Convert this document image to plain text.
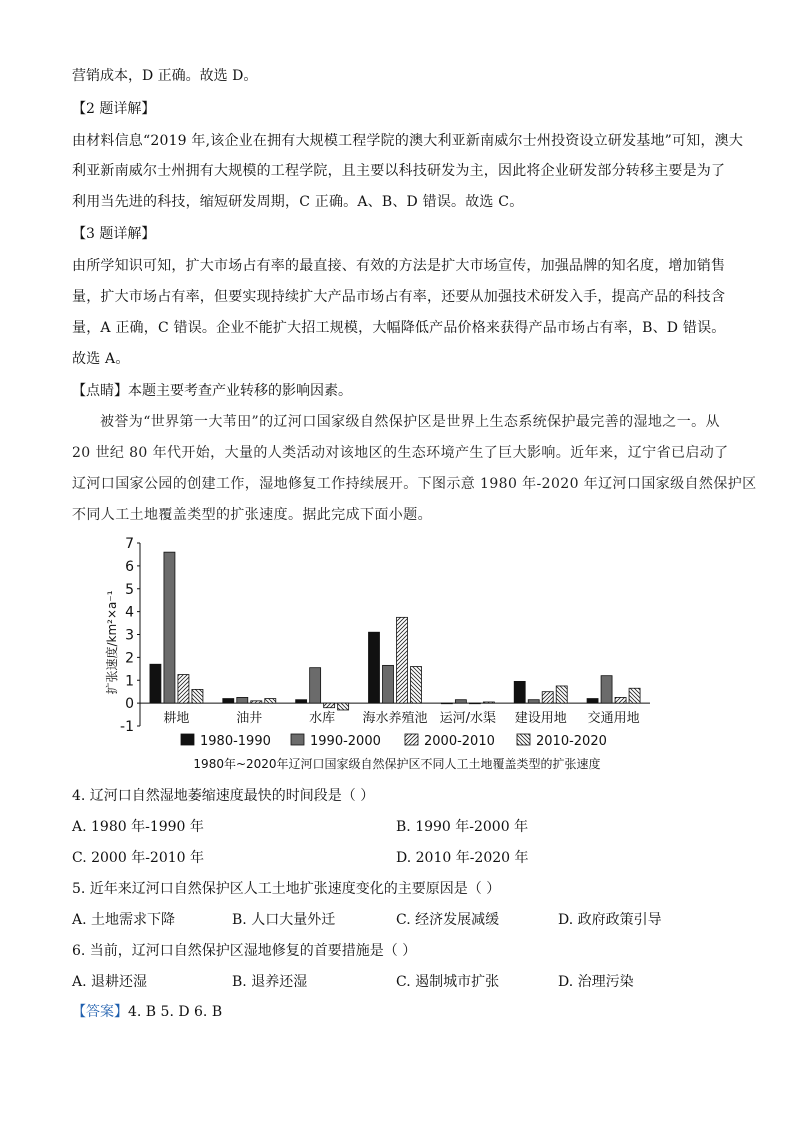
营销成本，D 正确。故选 D。
【2 题详解】
由材料信息“2019 年,该企业在拥有大规模工程学院的澳大利亚新南威尔士州投资设立研发基地”可知，澳大
利亚新南威尔士州拥有大规模的工程学院，且主要以科技研发为主，因此将企业研发部分转移主要是为了
利用当先进的科技，缩短研发周期，C 正确。A、B、D 错误。故选 C。
【3 题详解】
由所学知识可知，扩大市场占有率的最直接、有效的方法是扩大市场宣传，加强品牌的知名度，增加销售
量，扩大市场占有率，但要实现持续扩大产品市场占有率，还要从加强技术研发入手，提高产品的科技含
量，A 正确，C 错误。企业不能扩大招工规模，大幅降低产品价格来获得产品市场占有率，B、D 错误。
故选 A。
【点睛】本题主要考查产业转移的影响因素。
被誉为“世界第一大苇田”的辽河口国家级自然保护区是世界上生态系统保护最完善的湿地之一。从
20 世纪 80 年代开始，大量的人类活动对该地区的生态环境产生了巨大影响。近年来，辽宁省已启动了
辽河口国家公园的创建工作，湿地修复工作持续展开。下图示意 1980 年-2020 年辽河口国家级自然保护区
不同人工土地覆盖类型的扩张速度。据此完成下面小题。
-1
0
1
2
3
4
5
6
7
扩张速度/km²×a⁻¹
耕地	油井	水库 海水养殖池 运河/水渠 建设用地 交通用地
1980-1990	1990-2000	2000-2010	2010-2020
1980年~2020年辽河口国家级自然保护区不同人工土地覆盖类型的扩张速度
4. 辽河口自然湿地萎缩速度最快的时间段是（ ）
A. 1980 年-1990 年	B. 1990 年-2000 年
C. 2000 年-2010 年	D. 2010 年-2020 年
5. 近年来辽河口自然保护区人工土地扩张速度变化的主要原因是（ ）
A. 土地需求下降	B. 人口大量外迁	C. 经济发展减缓	D. 政府政策引导
6. 当前，辽河口自然保护区湿地修复的首要措施是（ ）
A. 退耕还湿	B. 退养还湿	C. 遏制城市扩张	D. 治理污染
【答案】4. B 5. D 6. B
